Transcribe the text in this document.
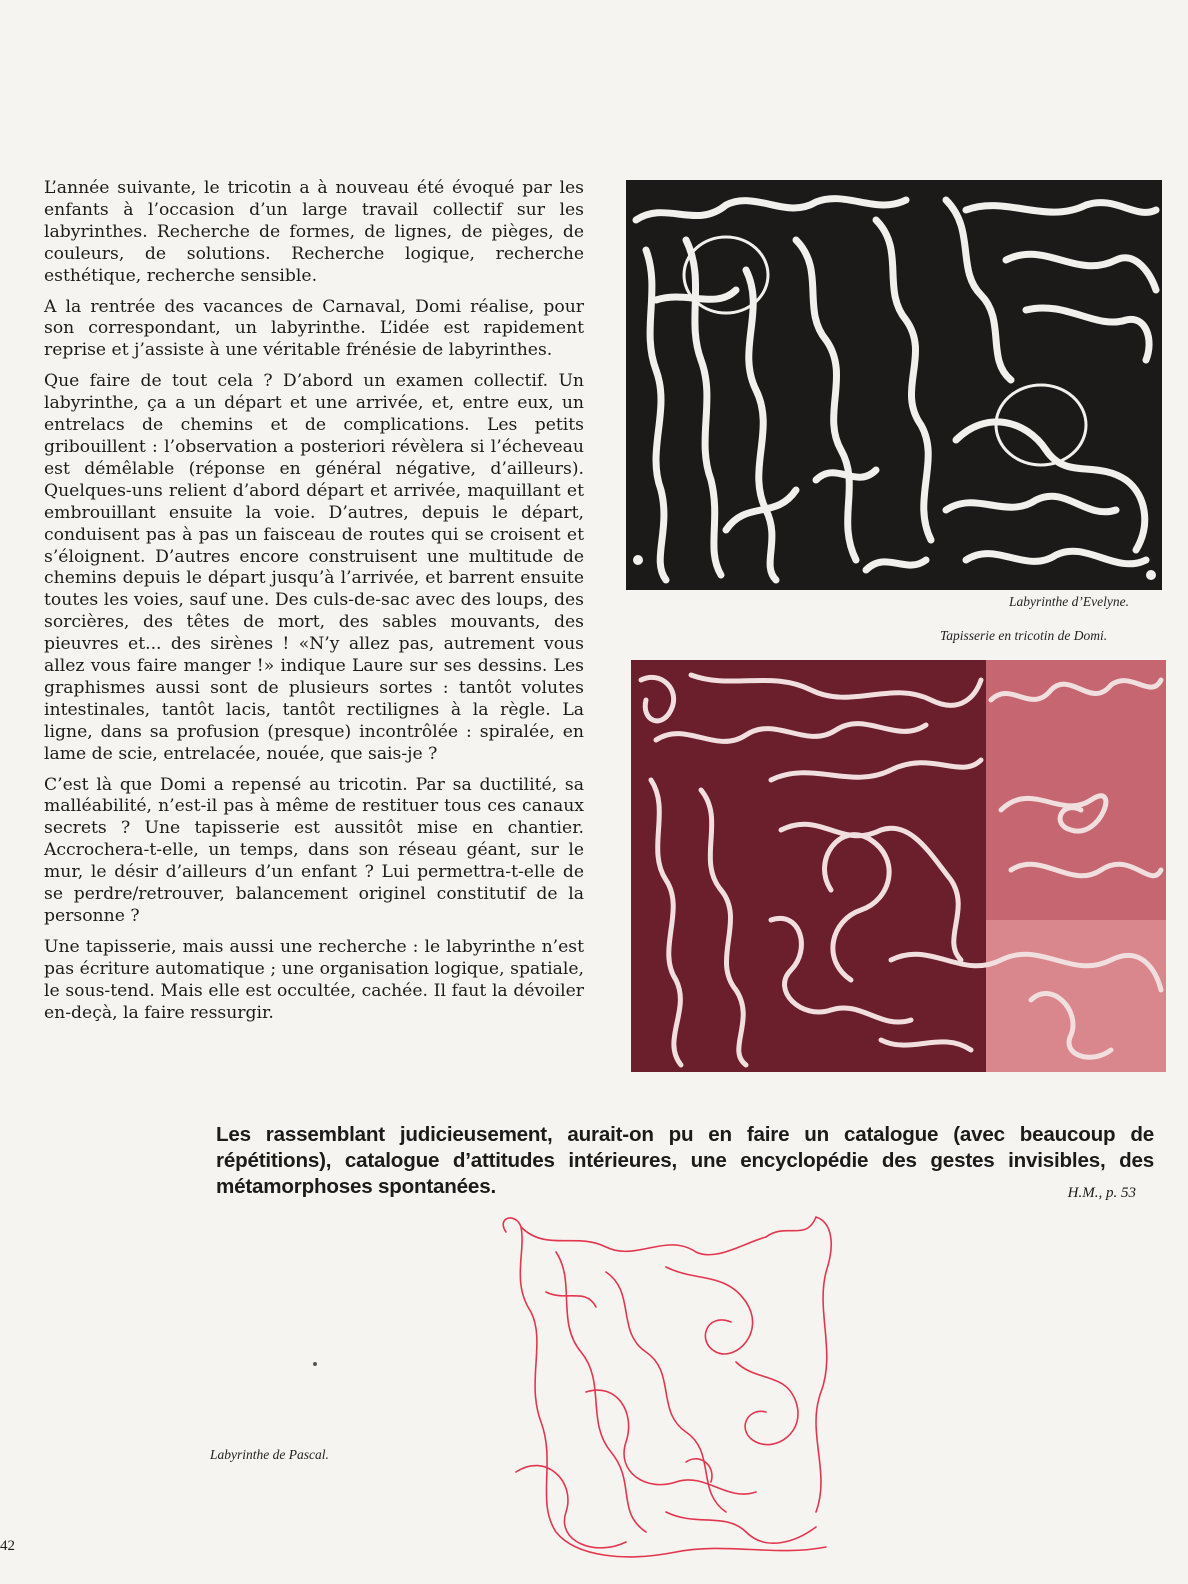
L’année suivante, le tricotin a à nouveau été évoqué par les enfants à l’occasion d’un large travail collectif sur les labyrinthes. Recherche de formes, de lignes, de pièges, de couleurs, de solutions. Recherche logique, recherche esthétique, recherche sensible.

A la rentrée des vacances de Carnaval, Domi réalise, pour son correspondant, un labyrinthe. L’idée est rapidement reprise et j’assiste à une véritable frénésie de labyrinthes.

Que faire de tout cela ? D’abord un examen collectif. Un labyrinthe, ça a un départ et une arrivée, et, entre eux, un entrelacs de chemins et de complications. Les petits gribouillent : l’observation a posteriori révèlera si l’écheveau est démêlable (réponse en général négative, d’ailleurs). Quelques-uns relient d’abord départ et arrivée, maquillant et embrouillant ensuite la voie. D’autres, depuis le départ, conduisent pas à pas un faisceau de routes qui se croisent et s’éloignent. D’autres encore construisent une multitude de chemins depuis le départ jusqu’à l’arrivée, et barrent ensuite toutes les voies, sauf une. Des culs-de-sac avec des loups, des sorcières, des têtes de mort, des sables mouvants, des pieuvres et... des sirènes ! «N’y allez pas, autrement vous allez vous faire manger !» indique Laure sur ses dessins. Les graphismes aussi sont de plusieurs sortes : tantôt volutes intestinales, tantôt lacis, tantôt rectilignes à la règle. La ligne, dans sa profusion (presque) incontrôlée : spiralée, en lame de scie, entrelacée, nouée, que sais-je ?

C’est là que Domi a repensé au tricotin. Par sa ductilité, sa malléabilité, n’est-il pas à même de restituer tous ces canaux secrets ? Une tapisserie est aussitôt mise en chantier. Accrochera-t-elle, un temps, dans son réseau géant, sur le mur, le désir d’ailleurs d’un enfant ? Lui permettra-t-elle de se perdre/retrouver, balancement originel constitutif de la personne ?

Une tapisserie, mais aussi une recherche : le labyrinthe n’est pas écriture automatique ; une organisation logique, spatiale, le sous-tend. Mais elle est occultée, cachée. Il faut la dévoiler en-deçà, la faire ressurgir.

Labyrinthe d’Evelyne.
Tapisserie en tricotin de Domi.
Les rassemblant judicieusement, aurait-on pu en faire un catalogue (avec beaucoup de répétitions), catalogue d’attitudes intérieures, une encyclopédie des gestes invisibles, des métamorphoses spontanées.	H.M., p. 53
Labyrinthe de Pascal.
42
